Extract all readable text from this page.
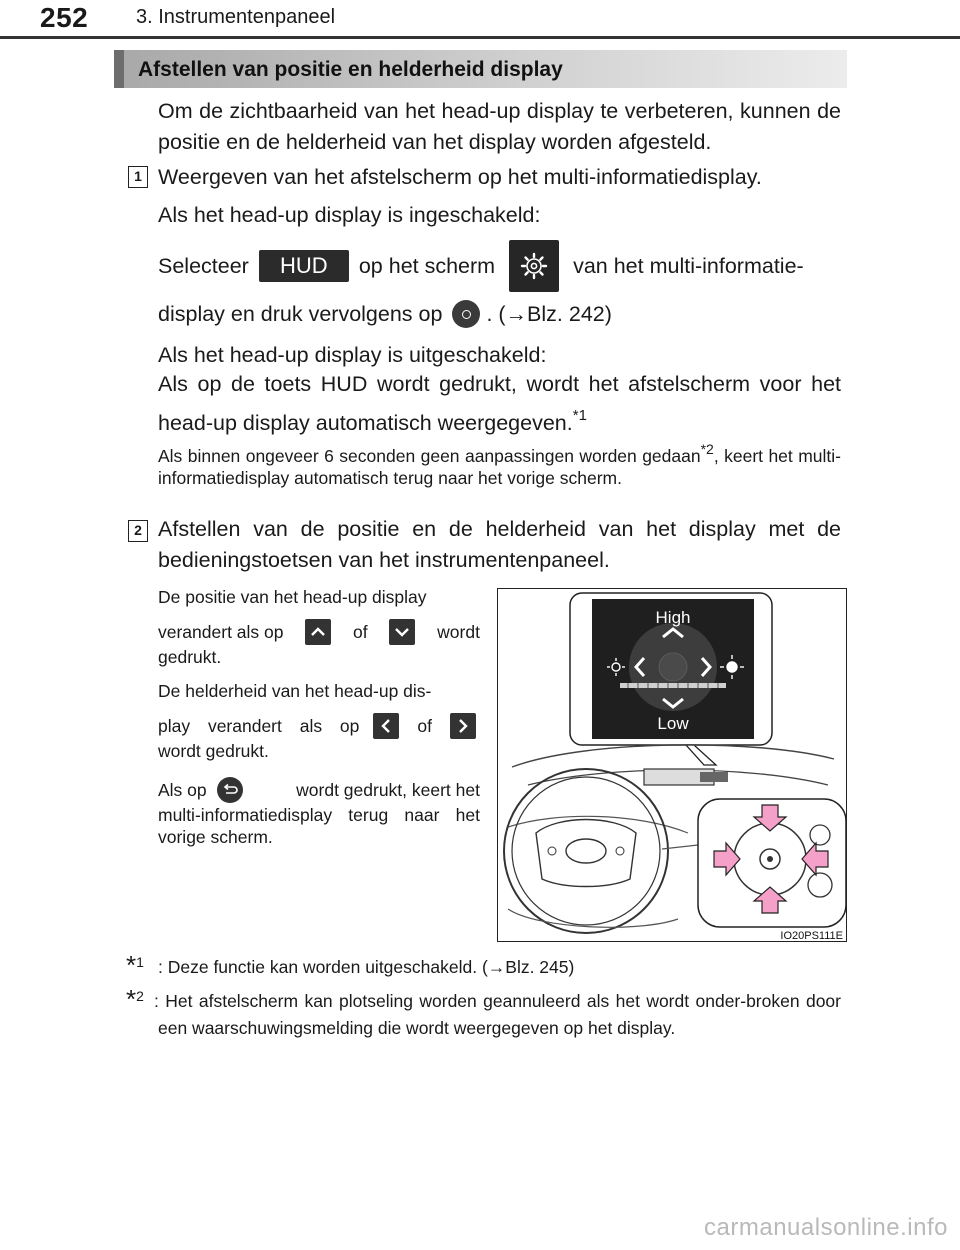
252 3. Instrumentenpaneel
Afstellen van positie en helderheid display

Om de zichtbaarheid van het head-up display te verbeteren, kunnen de positie en de helderheid van het display worden afgesteld.

1 Weergeven van het afstelscherm op het multi-informatiedisplay.

Als het head-up display is ingeschakeld:

Selecteer	HUD	op het scherm	van het multi-informatie-
display en druk vervolgens op . (→Blz. 242)

Als het head-up display is uitgeschakeld:

Als op de toets HUD wordt gedrukt, wordt het afstelscherm voor het head-up display automatisch weergegeven.$^{*1}$

Als binnen ongeveer 6 seconden geen aanpassingen worden gedaan$^{*2}$, keert het multi-informatiedisplay automatisch terug naar het vorige scherm.

2 Afstellen van de positie en de helderheid van het display met de bedieningstoetsen van het instrumentenpaneel.

De positie van het head-up display
verandert als op	of	wordt
gedrukt.
De helderheid van het head-up dis-
play verandert als op	of
wordt gedrukt.
Als op	wordt gedrukt, keert het
multi-informatiedisplay terug naar het vorige scherm.
High
Low
IO20PS111E
*$^1$ : Deze functie kan worden uitgeschakeld. (→Blz. 245)

*$^2$ : Het afstelscherm kan plotseling worden geannuleerd als het wordt onder-broken door een waarschuwingsmelding die wordt weergegeven op het display.

carmanualsonline.info
